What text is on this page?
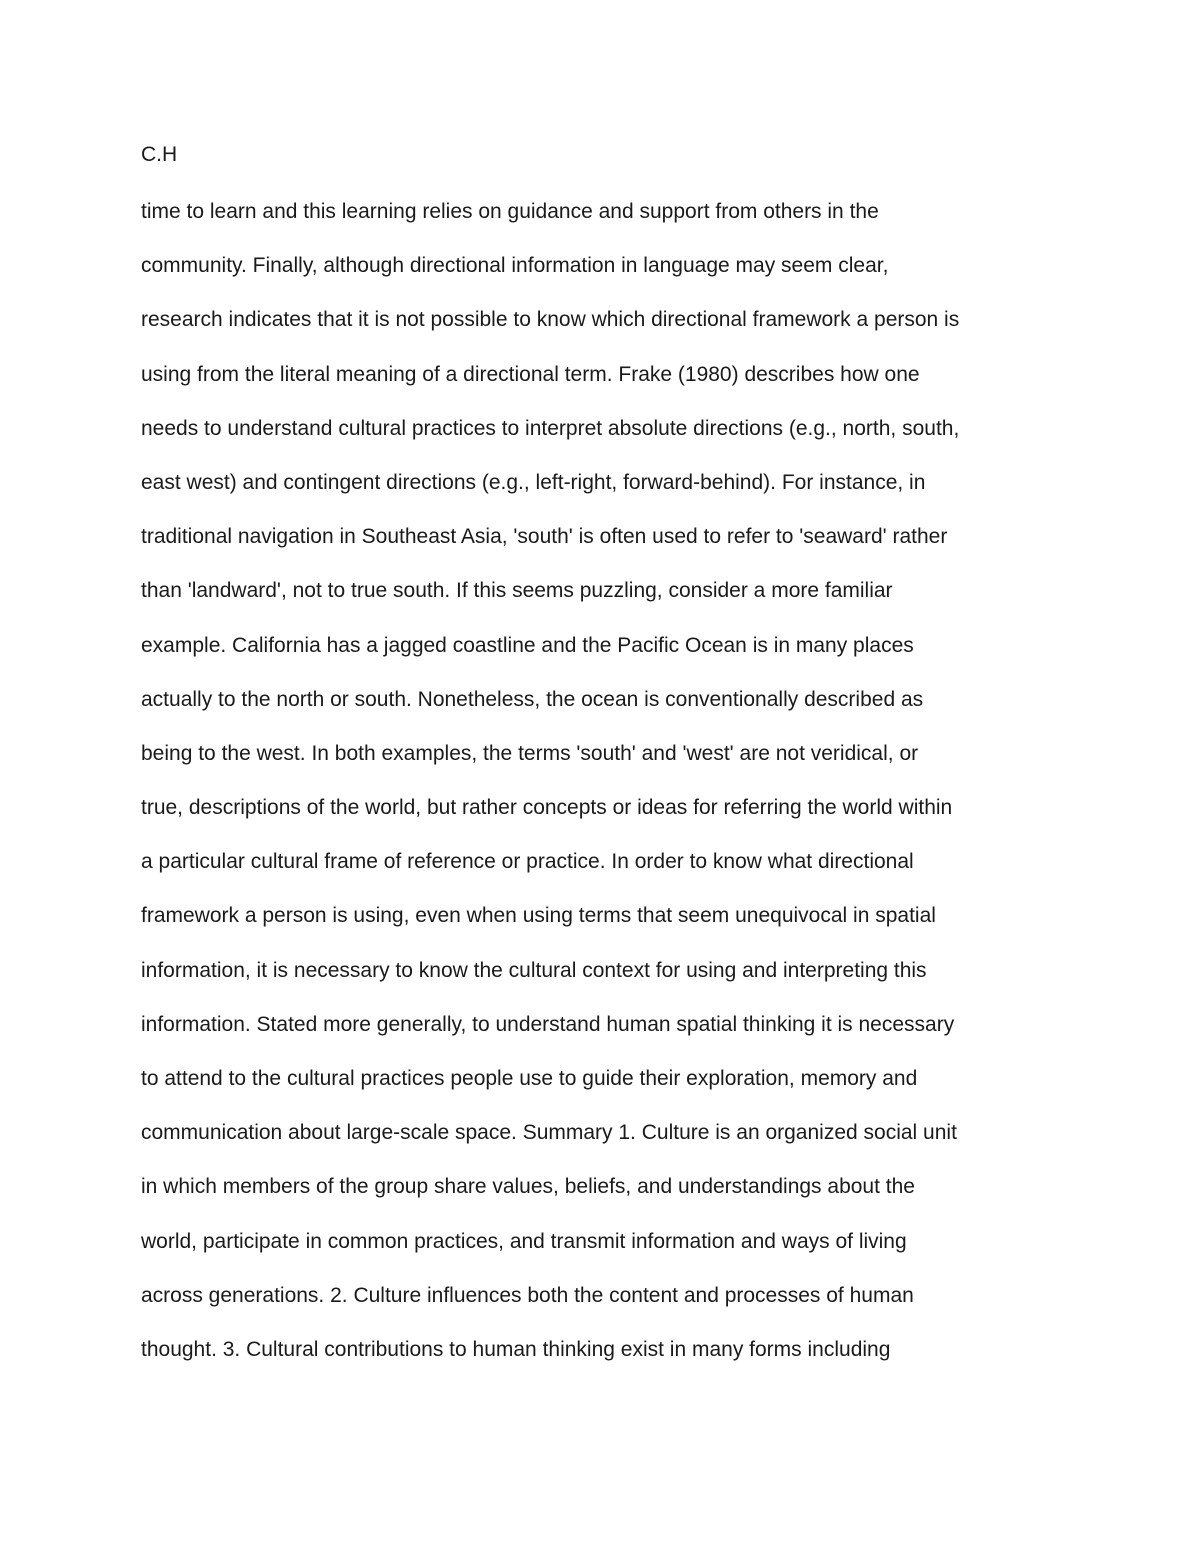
C.H
time to learn and this learning relies on guidance and support from others in the
community. Finally, although directional information in language may seem clear,
research indicates that it is not possible to know which directional framework a person is
using from the literal meaning of a directional term. Frake (1980) describes how one
needs to understand cultural practices to interpret absolute directions (e.g., north, south,
east west) and contingent directions (e.g., left-right, forward-behind). For instance, in
traditional navigation in Southeast Asia, 'south' is often used to refer to 'seaward' rather
than 'landward', not to true south. If this seems puzzling, consider a more familiar
example. California has a jagged coastline and the Pacific Ocean is in many places
actually to the north or south. Nonetheless, the ocean is conventionally described as
being to the west. In both examples, the terms 'south' and 'west' are not veridical, or
true, descriptions of the world, but rather concepts or ideas for referring the world within
a particular cultural frame of reference or practice. In order to know what directional
framework a person is using, even when using terms that seem unequivocal in spatial
information, it is necessary to know the cultural context for using and interpreting this
information. Stated more generally, to understand human spatial thinking it is necessary
to attend to the cultural practices people use to guide their exploration, memory and
communication about large-scale space. Summary 1. Culture is an organized social unit
in which members of the group share values, beliefs, and understandings about the
world, participate in common practices, and transmit information and ways of living
across generations. 2. Culture influences both the content and processes of human
thought. 3. Cultural contributions to human thinking exist in many forms including
